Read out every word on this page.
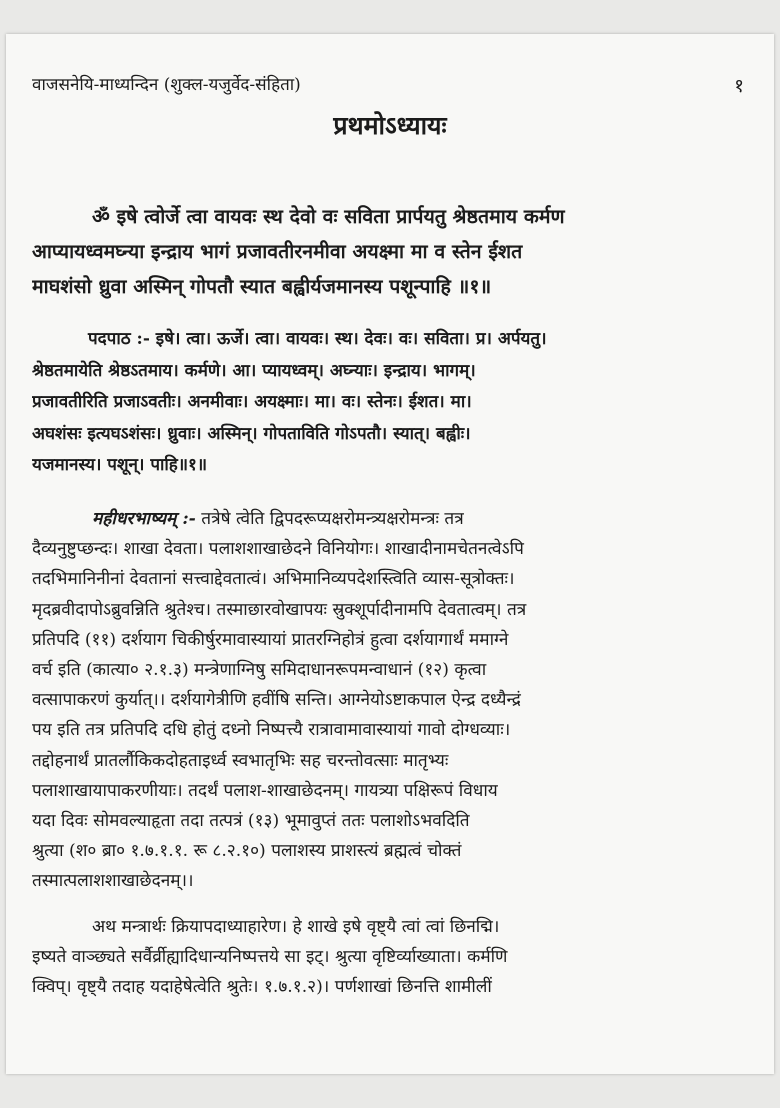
वाजसनेयि-माध्यन्दिन (शुक्ल-यजुर्वेद-संहिता)	१
प्रथमोऽध्यायः
ॐ इषे त्वोर्जे त्वा वायवः स्थ देवो वः सविता प्रार्पयतु श्रेष्ठतमाय कर्मण
आप्यायध्वमघ्न्या इन्द्राय भागं प्रजावतीरनमीवा अयक्ष्मा मा व स्तेन ईशत
माघशंसो ध्रुवा अस्मिन् गोपतौ स्यात बह्वीर्यजमानस्य पशून्पाहि ॥१॥
पदपाठ :- इषे। त्वा। ऊर्जे। त्वा। वायवः। स्थ। देवः। वः। सविता। प्र। अर्पयतु।
श्रेष्ठतमायेति श्रेष्ठऽतमाय। कर्मणे। आ। प्यायध्वम्। अघ्न्याः। इन्द्राय। भागम्।
प्रजावतीरिति प्रजाऽवतीः। अनमीवाः। अयक्ष्माः। मा। वः। स्तेनः। ईशत। मा।
अघशंसः इत्यघऽशंसः। ध्रुवाः। अस्मिन्। गोपताविति गोऽपतौ। स्यात्। बह्वीः।
यजमानस्य। पशून्। पाहि॥१॥
महीधरभाष्यम् :- तत्रेषे त्वेति द्विपदरूप्यक्षरोमन्त्र्यक्षरोमन्त्रः तत्र
दैव्यनुष्टुप्छन्दः। शाखा देवता। पलाशशाखाछेदने विनियोगः। शाखादीनामचेतनत्वेऽपि
तदभिमानिनीनां देवतानां सत्त्वाद्देवतात्वं। अभिमानिव्यपदेशस्त्विति व्यास-सूत्रोक्तः।
मृदब्रवीदापोऽब्रुवन्निति श्रुतेश्च। तस्माछारवोखापयः स्रुक्शूर्पादीनामपि देवतात्वम्। तत्र
प्रतिपदि (११) दर्शयाग चिकीर्षुरमावास्यायां प्रातरग्निहोत्रं हुत्वा दर्शयागार्थं ममाग्ने
वर्च इति (कात्या० २.१.३) मन्त्रेणाग्निषु समिदाधानरूपमन्वाधानं (१२) कृत्वा
वत्सापाकरणं कुर्यात्।। दर्शयागेत्रीणि हवींषि सन्ति। आग्नेयोऽष्टाकपाल ऐन्द्र दध्यैन्द्रं
पय इति तत्र प्रतिपदि दधि होतुं दध्नो निष्पत्त्यै रात्रावामावास्यायां गावो दोग्धव्याः।
तद्दोहनार्थं प्रातर्लौकिकदोहताइर्ध्व स्वभातृभिः सह चरन्तोवत्साः मातृभ्यः
पलाशाखायापाकरणीयाः। तदर्थं पलाश-शाखाछेदनम्। गायत्र्या पक्षिरूपं विधाय
यदा दिवः सोमवल्याहृता तदा तत्पत्रं (१३) भूमावुप्तं ततः पलाशोऽभवदिति
श्रुत्या (श० ब्रा० १.७.१.१. रू ८.२.१०) पलाशस्य प्राशस्त्यं ब्रह्मत्वं चोक्तं
तस्मात्पलाशशाखाछेदनम्।।
अथ मन्त्रार्थः क्रियापदाध्याहारेण। हे शाखे इषे वृष्ट्यै त्वां त्वां छिनद्मि।
इष्यते वाञ्छ्यते सर्वैर्व्रीह्यादिधान्यनिष्पत्तये सा इट्। श्रुत्या वृष्टिर्व्याख्याता। कर्मणि
क्विप्। वृष्ट्यै तदाह यदाहेषेत्वेति श्रुतेः। १.७.१.२)। पर्णशाखां छिनत्ति शामीलीं
